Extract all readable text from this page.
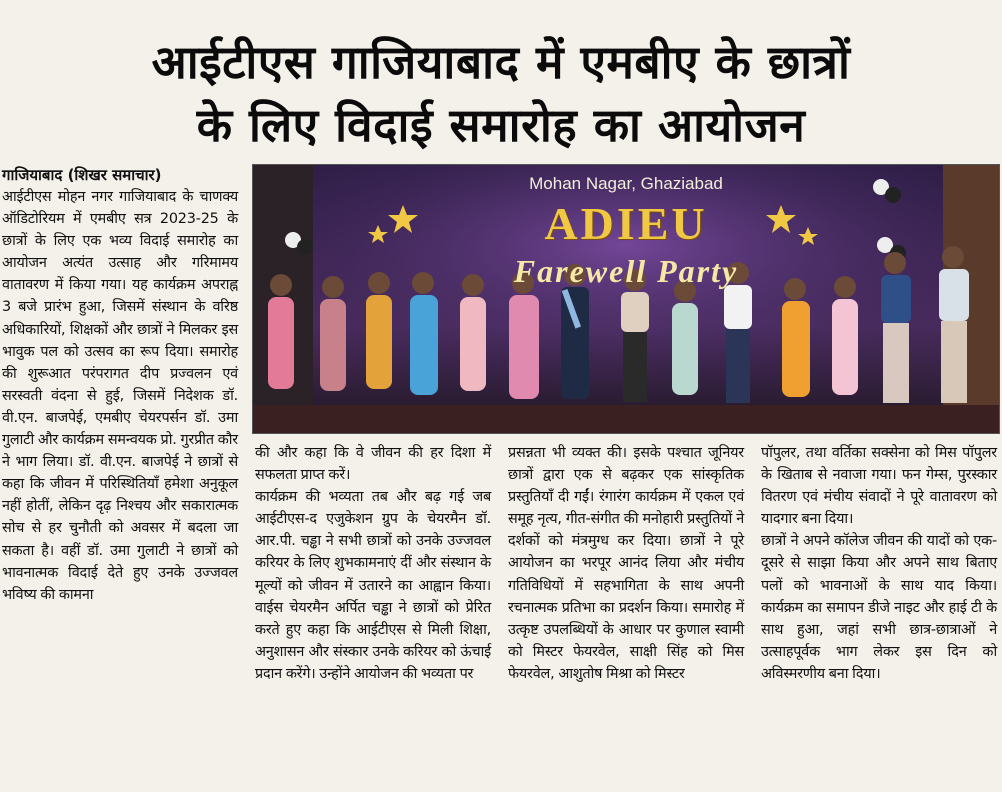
आईटीएस गाजियाबाद में एमबीए के छात्रों
के लिए विदाई समारोह का आयोजन
गाजियाबाद (शिखर समाचार)

आईटीएस मोहन नगर गाजियाबाद के चाणक्य ऑडिटोरियम में एमबीए सत्र 2023-25 के छात्रों के लिए एक भव्य विदाई समारोह का आयोजन अत्यंत उत्साह और गरिमामय वातावरण में किया गया। यह कार्यक्रम अपराह्न 3 बजे प्रारंभ हुआ, जिसमें संस्थान के वरिष्ठ अधिकारियों, शिक्षकों और छात्रों ने मिलकर इस भावुक पल को उत्सव का रूप दिया। समारोह की शुरूआत परंपरागत दीप प्रज्वलन एवं सरस्वती वंदना से हुई, जिसमें निदेशक डॉ. वी.एन. बाजपेई, एमबीए चेयरपर्सन डॉ. उमा गुलाटी और कार्यक्रम समन्वयक प्रो. गुरप्रीत कौर ने भाग लिया। डॉ. वी.एन. बाजपेई ने छात्रों से कहा कि जीवन में परिस्थितियाँ हमेशा अनुकूल नहीं होतीं, लेकिन दृढ़ निश्चय और सकारात्मक सोच से हर चुनौती को अवसर में बदला जा सकता है। वहीं डॉ. उमा गुलाटी ने छात्रों को भावनात्मक विदाई देते हुए उनके उज्जवल भविष्य की कामना

Mohan Nagar, Ghaziabad
ADIEU
Farewell Party

की और कहा कि वे जीवन की हर दिशा में सफलता प्राप्त करें।

कार्यक्रम की भव्यता तब और बढ़ गई जब आईटीएस-द एजुकेशन ग्रुप के चेयरमैन डॉ. आर.पी. चड्ढा ने सभी छात्रों को उनके उज्जवल करियर के लिए शुभकामनाएं दीं और संस्थान के मूल्यों को जीवन में उतारने का आह्वान किया। वाईस चेयरमैन अर्पित चड्ढा ने छात्रों को प्रेरित करते हुए कहा कि आईटीएस से मिली शिक्षा, अनुशासन और संस्कार उनके करियर को ऊंचाई प्रदान करेंगे। उन्होंने आयोजन की भव्यता पर

प्रसन्नता भी व्यक्त की। इसके पश्चात जूनियर छात्रों द्वारा एक से बढ़कर एक सांस्कृतिक प्रस्तुतियाँ दी गईं। रंगारंग कार्यक्रम में एकल एवं समूह नृत्य, गीत-संगीत की मनोहारी प्रस्तुतियों ने दर्शकों को मंत्रमुग्ध कर दिया। छात्रों ने पूरे आयोजन का भरपूर आनंद लिया और मंचीय गतिविधियों में सहभागिता के साथ अपनी रचनात्मक प्रतिभा का प्रदर्शन किया। समारोह में उत्कृष्ट उपलब्धियों के आधार पर कुणाल स्वामी को मिस्टर फेयरवेल, साक्षी सिंह को मिस फेयरवेल, आशुतोष मिश्रा को मिस्टर

पॉपुलर, तथा वर्तिका सक्सेना को मिस पॉपुलर के खिताब से नवाजा गया। फन गेम्स, पुरस्कार वितरण एवं मंचीय संवादों ने पूरे वातावरण को यादगार बना दिया।

छात्रों ने अपने कॉलेज जीवन की यादों को एक-दूसरे से साझा किया और अपने साथ बिताए पलों को भावनाओं के साथ याद किया। कार्यक्रम का समापन डीजे नाइट और हाई टी के साथ हुआ, जहां सभी छात्र-छात्राओं ने उत्साहपूर्वक भाग लेकर इस दिन को अविस्मरणीय बना दिया।
